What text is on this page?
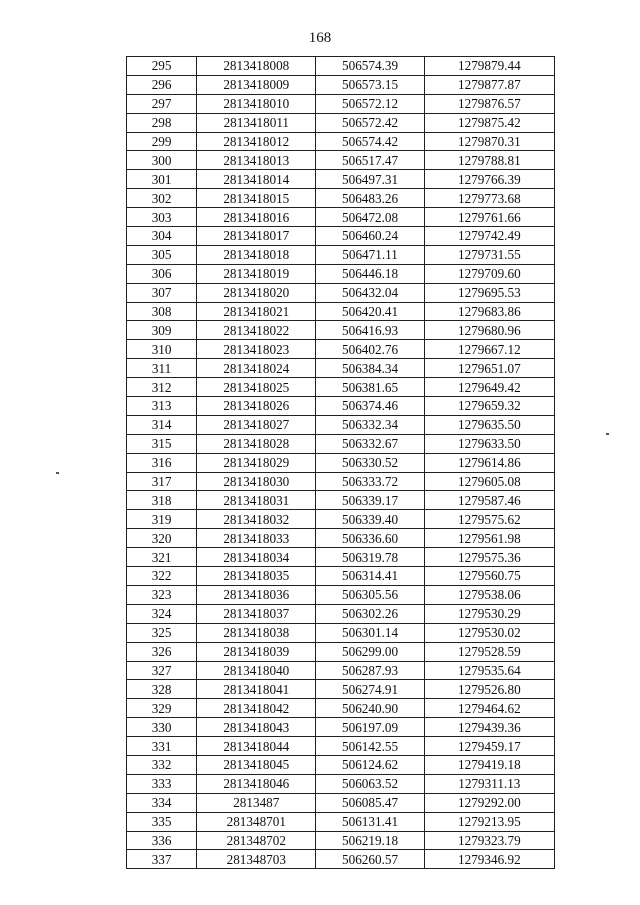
168
295	2813418008	506574.39	1279879.44
296	2813418009	506573.15	1279877.87
297	2813418010	506572.12	1279876.57
298	2813418011	506572.42	1279875.42
299	2813418012	506574.42	1279870.31
300	2813418013	506517.47	1279788.81
301	2813418014	506497.31	1279766.39
302	2813418015	506483.26	1279773.68
303	2813418016	506472.08	1279761.66
304	2813418017	506460.24	1279742.49
305	2813418018	506471.11	1279731.55
306	2813418019	506446.18	1279709.60
307	2813418020	506432.04	1279695.53
308	2813418021	506420.41	1279683.86
309	2813418022	506416.93	1279680.96
310	2813418023	506402.76	1279667.12
311	2813418024	506384.34	1279651.07
312	2813418025	506381.65	1279649.42
313	2813418026	506374.46	1279659.32
314	2813418027	506332.34	1279635.50
315	2813418028	506332.67	1279633.50
316	2813418029	506330.52	1279614.86
317	2813418030	506333.72	1279605.08
318	2813418031	506339.17	1279587.46
319	2813418032	506339.40	1279575.62
320	2813418033	506336.60	1279561.98
321	2813418034	506319.78	1279575.36
322	2813418035	506314.41	1279560.75
323	2813418036	506305.56	1279538.06
324	2813418037	506302.26	1279530.29
325	2813418038	506301.14	1279530.02
326	2813418039	506299.00	1279528.59
327	2813418040	506287.93	1279535.64
328	2813418041	506274.91	1279526.80
329	2813418042	506240.90	1279464.62
330	2813418043	506197.09	1279439.36
331	2813418044	506142.55	1279459.17
332	2813418045	506124.62	1279419.18
333	2813418046	506063.52	1279311.13
334	2813487	506085.47	1279292.00
335	281348701	506131.41	1279213.95
336	281348702	506219.18	1279323.79
337	281348703	506260.57	1279346.92
